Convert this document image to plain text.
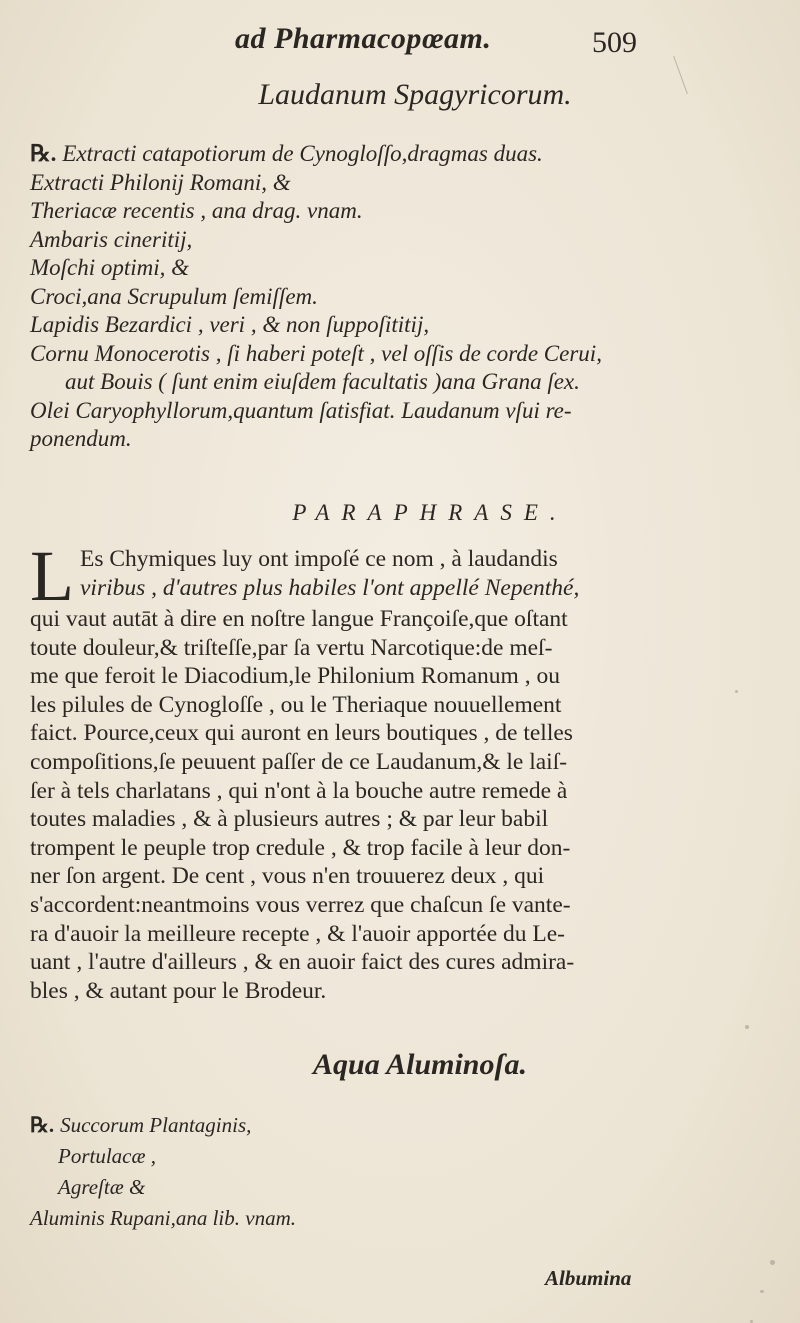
ad Pharmacopœam.	509
Laudanum Spagyricorum.
℞. Extracti catapotiorum de Cynogloſſo,dragmas duas.
Extracti Philonij Romani, &
Theriacæ recentis , ana drag. vnam.
Ambaris cineritij,
Moſchi optimi, &
Croci,ana Scrupulum ſemiſſem.
Lapidis Bezardici , veri , & non ſuppoſititij,
Cornu Monocerotis , ſi haberi poteſt , vel oſſis de corde Cerui,
aut Bouis ( ſunt enim eiuſdem facultatis )ana Grana ſex.
Olei Caryophyllorum,quantum ſatisfiat. Laudanum vſui re-
ponendum.
PARAPHRASE.
L Es Chymiques luy ont impoſé ce nom , à laudandis
viribus , d'autres plus habiles l'ont appellé Nepenthé,
qui vaut autāt à dire en noſtre langue Françoiſe,que oſtant
toute douleur,& triſteſſe,par ſa vertu Narcotique:de meſ-
me que feroit le Diacodium,le Philonium Romanum , ou
les pilules de Cynogloſſe , ou le Theriaque nouuellement
faict. Pource,ceux qui auront en leurs boutiques , de telles
compoſitions,ſe peuuent paſſer de ce Laudanum,& le laiſ-
ſer à tels charlatans , qui n'ont à la bouche autre remede à
toutes maladies , & à plusieurs autres ; & par leur babil
trompent le peuple trop credule , & trop facile à leur don-
ner ſon argent. De cent , vous n'en trouuerez deux , qui
s'accordent:neantmoins vous verrez que chaſcun ſe vante-
ra d'auoir la meilleure recepte , & l'auoir apportée du Le-
uant , l'autre d'ailleurs , & en auoir faict des cures admira-
bles , & autant pour le Brodeur.
Aqua Aluminoſa.
℞. Succorum Plantaginis,
Portulacæ ,
Agreſtæ &
Aluminis Rupani,ana lib. vnam.
Albumina
